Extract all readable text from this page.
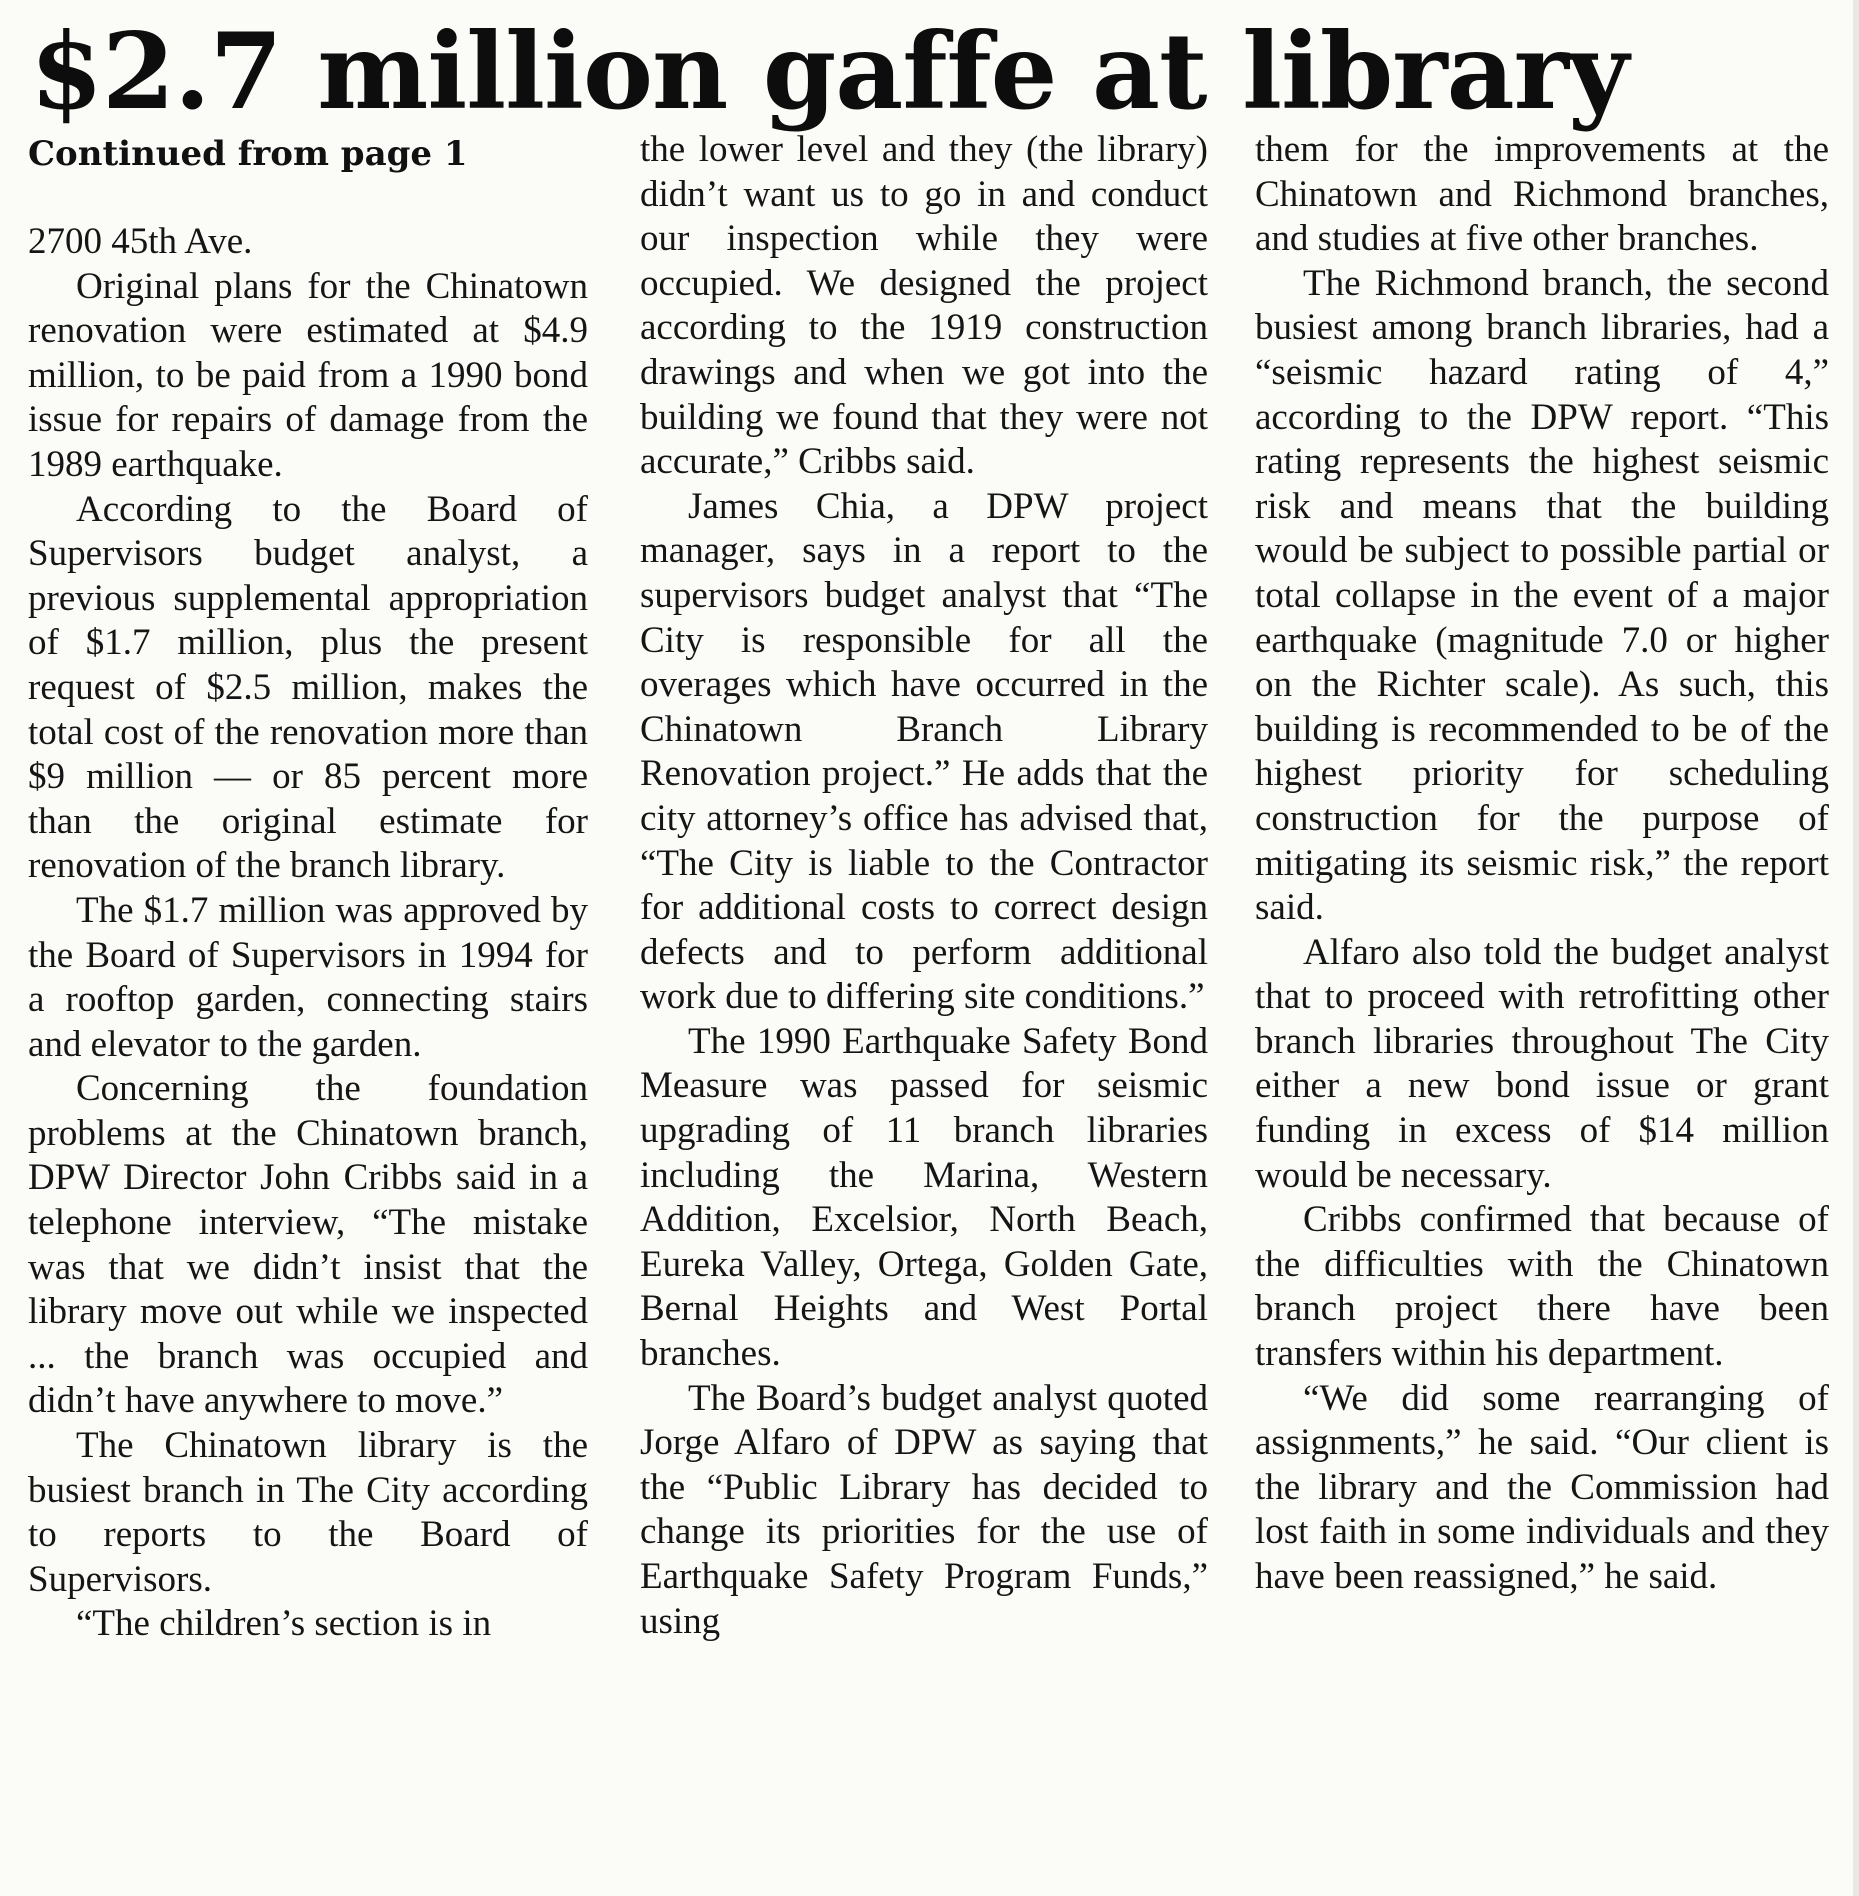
$2.7 million gaffe at library
Continued from page 1

2700 45th Ave.

Original plans for the Chinatown renovation were estimated at $4.9 million, to be paid from a 1990 bond issue for repairs of damage from the 1989 earthquake.

According to the Board of Supervisors budget analyst, a previous supplemental appropriation of $1.7 million, plus the present request of $2.5 million, makes the total cost of the renovation more than $9 million — or 85 percent more than the original estimate for renovation of the branch library.

The $1.7 million was approved by the Board of Supervisors in 1994 for a rooftop garden, connecting stairs and elevator to the garden.

Concerning the foundation problems at the Chinatown branch, DPW Director John Cribbs said in a telephone interview, “The mistake was that we didn’t insist that the library move out while we inspected ... the branch was occupied and didn’t have anywhere to move.”

The Chinatown library is the busiest branch in The City according to reports to the Board of Supervisors.

“The children’s section is in

the lower level and they (the library) didn’t want us to go in and conduct our inspection while they were occupied. We designed the project according to the 1919 construction drawings and when we got into the building we found that they were not accurate,” Cribbs said.

James Chia, a DPW project manager, says in a report to the supervisors budget analyst that “The City is responsible for all the overages which have occurred in the Chinatown Branch Library Renovation project.” He adds that the city attorney’s office has advised that, “The City is liable to the Contractor for additional costs to correct design defects and to perform additional work due to differing site conditions.”

The 1990 Earthquake Safety Bond Measure was passed for seismic upgrading of 11 branch libraries including the Marina, Western Addition, Excelsior, North Beach, Eureka Valley, Ortega, Golden Gate, Bernal Heights and West Portal branches.

The Board’s budget analyst quoted Jorge Alfaro of DPW as saying that the “Public Library has decided to change its priorities for the use of Earthquake Safety Program Funds,” using

them for the improvements at the Chinatown and Richmond branches, and studies at five other branches.

The Richmond branch, the second busiest among branch libraries, had a “seismic hazard rating of 4,” according to the DPW report. “This rating represents the highest seismic risk and means that the building would be subject to possible partial or total collapse in the event of a major earthquake (magnitude 7.0 or higher on the Richter scale). As such, this building is recommended to be of the highest priority for scheduling construction for the purpose of mitigating its seismic risk,” the report said.

Alfaro also told the budget analyst that to proceed with retrofitting other branch libraries throughout The City either a new bond issue or grant funding in excess of $14 million would be necessary.

Cribbs confirmed that because of the difficulties with the Chinatown branch project there have been transfers within his department.

“We did some rearranging of assignments,” he said. “Our client is the library and the Commission had lost faith in some individuals and they have been reassigned,” he said.
